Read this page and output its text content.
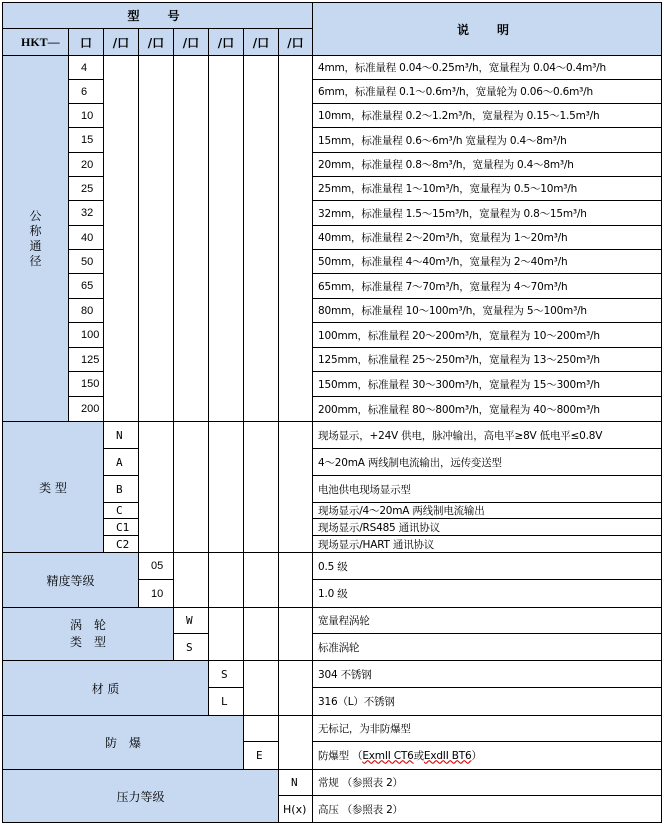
型　号
说　明
HKT—	口	/口	/口	/口	/口	/口	/口
公
称
通
径
4	4mm，标准量程 0.04～0.25m³/h，宽量程为 0.04～0.4m³/h
6	6mm，标准量程 0.1～0.6m³/h，宽量轮为 0.06～0.6m³/h
10	10mm，标准量程 0.2～1.2m³/h，宽量程为 0.15～1.5m³/h
15	15mm，标准量程 0.6～6m³/h 宽量程为 0.4～8m³/h
20	20mm，标准量程 0.8～8m³/h，宽量程为 0.4～8m³/h
25	25mm，标准量程 1～10m³/h，宽量程为 0.5～10m³/h
32	32mm，标准量程 1.5～15m³/h，宽量程为 0.8～15m³/h
40	40mm，标准量程 2～20m³/h，宽量程为 1～20m³/h
50	50mm，标准量程 4～40m³/h，宽量程为 2～40m³/h
65	65mm，标准量程 7～70m³/h，宽量程为 4～70m³/h
80	80mm，标准量程 10～100m³/h，宽量程为 5～100m³/h
100	100mm，标准量程 20～200m³/h，宽量程为 10～200m³/h
125	125mm，标准量程 25～250m³/h，宽量程为 13～250m³/h
150	150mm，标准量程 30～300m³/h，宽量程为 15～300m³/h
200	200mm，标准量程 80～800m³/h，宽量程为 40～800m³/h
类 型
N	现场显示，+24V 供电，脉冲输出，高电平≥8V 低电平≤0.8V
A	4～20mA 两线制电流输出，远传变送型
B	电池供电现场显示型
C	现场显示/4～20mA 两线制电流输出
C1	现场显示/RS485 通讯协议
C2	现场显示/HART 通讯协议
精度等级
05	0.5 级
10	1.0 级
涡　轮
类　型
W	宽量程涡轮
S	标准涡轮
材 质
S	304 不锈钢
L	316（L）不锈钢
防　爆
无标记，为非防爆型
E	防爆型 （ ExmII CT6 或 ExdII BT6 ）
压力等级
N	常规 （参照表 2）
H(x)	高压 （参照表 2）
